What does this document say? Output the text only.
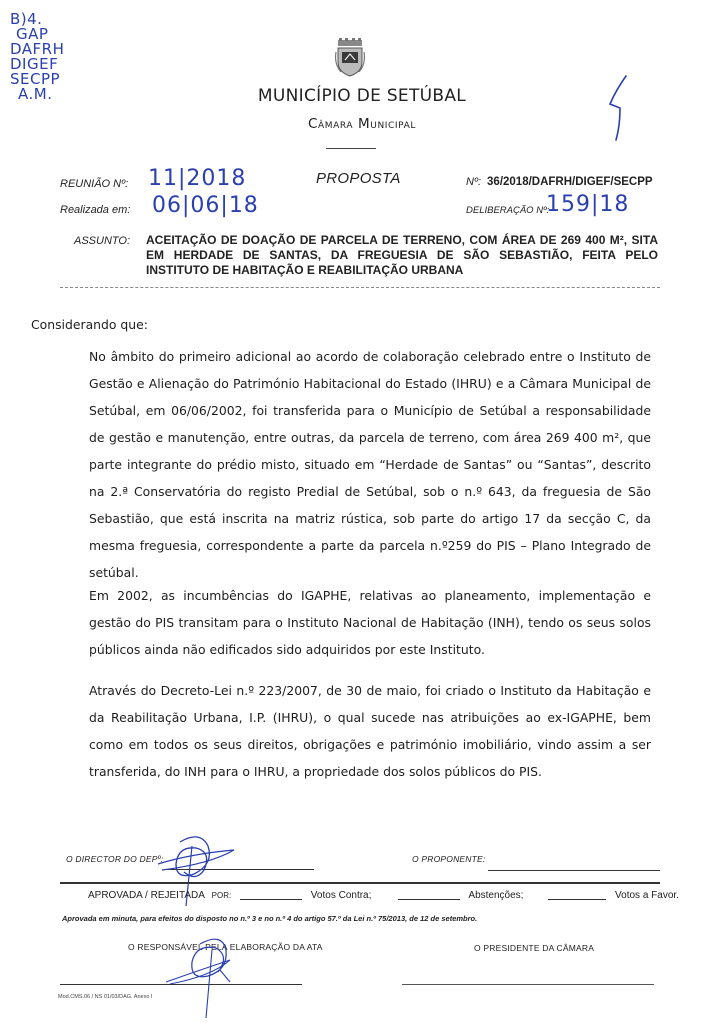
B)4.
GAP
DAFRH
DIGEF
SECPP
A.M.	MUNICÍPIO DE SETÚBAL
Câmara Municipal
REUNIÃO Nº: 11|2018	PROPOSTA	Nº: 36/2018/DAFRH/DIGEF/SECPP
Realizada em: 06|06|18	DELIBERAÇÃO Nº:
159|18
ASSUNTO: ACEITAÇÃO DE DOAÇÃO DE PARCELA DE TERRENO, COM ÁREA DE 269 400 M², SITA EM HERDADE DE SANTAS, DA FREGUESIA DE SÃO SEBASTIÃO, FEITA PELO INSTITUTO DE HABITAÇÃO E REABILITAÇÃO URBANA
Considerando que:

No âmbito do primeiro adicional ao acordo de colaboração celebrado entre o Instituto de Gestão e Alienação do Património Habitacional do Estado (IHRU) e a Câmara Municipal de Setúbal, em 06/06/2002, foi transferida para o Município de Setúbal a responsabilidade de gestão e manutenção, entre outras, da parcela de terreno, com área 269 400 m², que parte integrante do prédio misto, situado em “Herdade de Santas” ou “Santas”, descrito na 2.ª Conservatória do registo Predial de Setúbal, sob o n.º 643, da freguesia de São Sebastião, que está inscrita na matriz rústica, sob parte do artigo 17 da secção C, da mesma freguesia, correspondente a parte da parcela n.º259 do PIS – Plano Integrado de setúbal.

Em 2002, as incumbências do IGAPHE, relativas ao planeamento, implementação e gestão do PIS transitam para o Instituto Nacional de Habitação (INH), tendo os seus solos públicos ainda não edificados sido adquiridos por este Instituto.

Através do Decreto-Lei n.º 223/2007, de 30 de maio, foi criado o Instituto da Habitação e da Reabilitação Urbana, I.P. (IHRU), o qual sucede nas atribuições ao ex-IGAPHE, bem como em todos os seus direitos, obrigações e património imobiliário, vindo assim a ser transferida, do INH para o IHRU, a propriedade dos solos públicos do PIS.

O DIRECTOR DO DEPº:	O PROPONENTE:
APROVADA / REJEITADA POR:	Votos Contra;	Abstenções;	Votos a Favor.
Aprovada em minuta, para efeitos do disposto no n.º 3 e no n.º 4 do artigo 57.º da Lei n.º 75/2013, de 12 de setembro.
O RESPONSÁVEL PELA ELABORAÇÃO DA ATA	O PRESIDENTE DA CÂMARA
Mod.CMS.06 / NS 01/03/DAG. Anexo I
